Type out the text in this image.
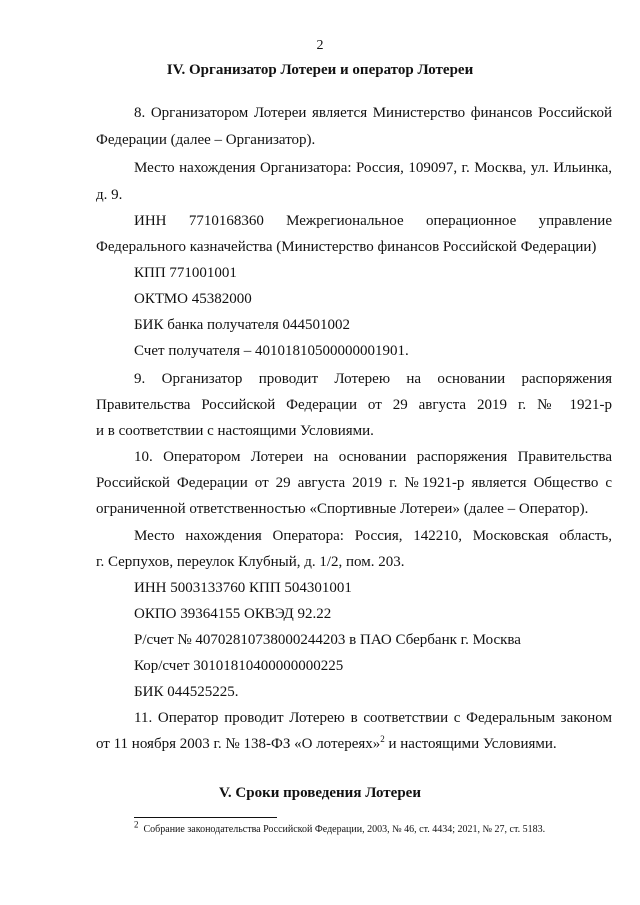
2
IV. Организатор Лотереи и оператор Лотереи
8. Организатором Лотереи является Министерство финансов Российской
Федерации (далее – Организатор).
Место нахождения Организатора: Россия, 109097, г. Москва, ул. Ильинка,
д. 9.
ИНН 7710168360 Межрегиональное операционное управление
Федерального казначейства (Министерство финансов Российской Федерации)
КПП 771001001
ОКТМО 45382000
БИК банка получателя 044501002
Счет получателя – 40101810500000001901.
9. Организатор проводит Лотерею на основании распоряжения
Правительства Российской Федерации от 29 августа 2019 г. № 1921-р
и в соответствии с настоящими Условиями.
10. Оператором Лотереи на основании распоряжения Правительства
Российской Федерации от 29 августа 2019 г. №1921-р является Общество с
ограниченной ответственностью «Спортивные Лотереи» (далее – Оператор).
Место нахождения Оператора: Россия, 142210, Московская область,
г. Серпухов, переулок Клубный, д. 1/2, пом. 203.
ИНН 5003133760 КПП 504301001
ОКПО 39364155 ОКВЭД 92.22
Р/счет № 40702810738000244203 в ПАО Сбербанк г. Москва
Кор/счет 30101810400000000225
БИК 044525225.
11. Оператор проводит Лотерею в соответствии с Федеральным законом
от 11 ноября 2003 г. № 138-ФЗ «О лотереях»$^2$ и настоящими Условиями.
V. Сроки проведения Лотереи
$^2$ Собрание законодательства Российской Федерации, 2003, № 46, ст. 4434; 2021, № 27, ст. 5183.
